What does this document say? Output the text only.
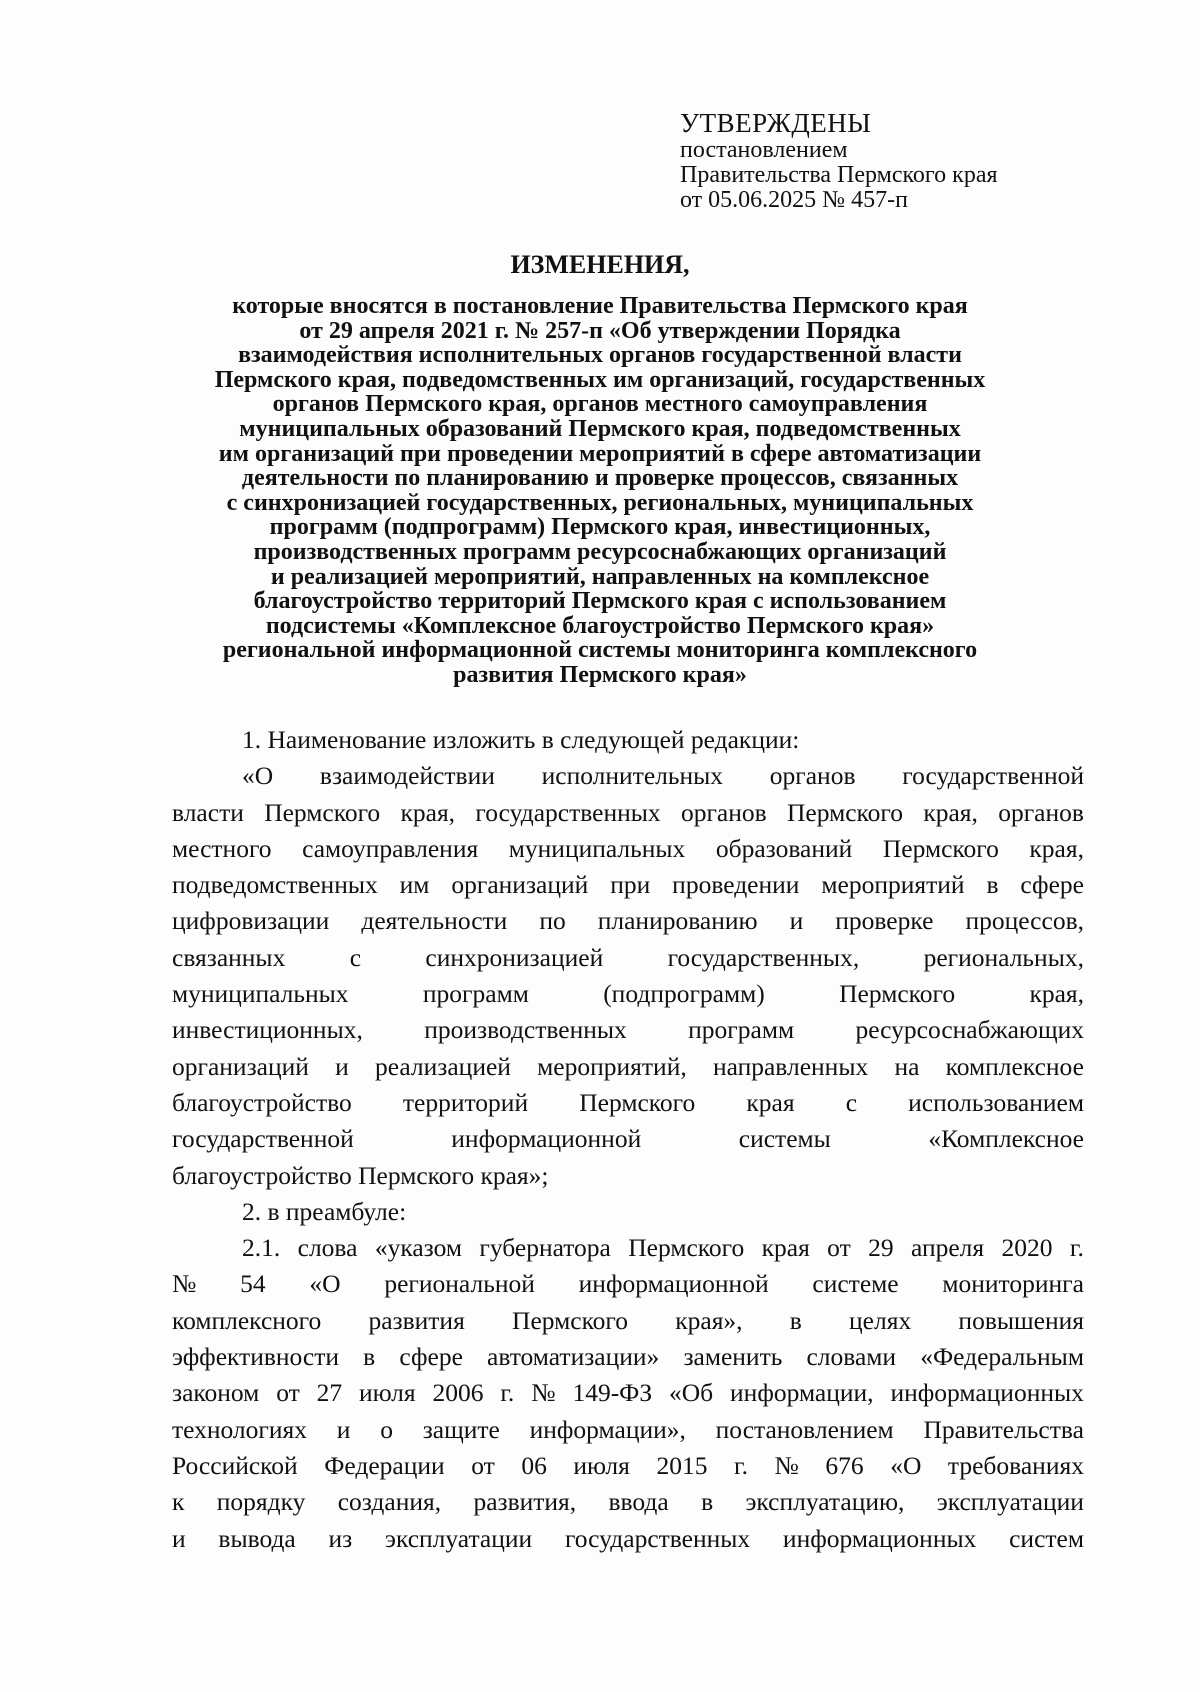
УТВЕРЖДЕНЫ
постановлением
Правительства Пермского края
от 05.06.2025 № 457-п
ИЗМЕНЕНИЯ,
которые вносятся в постановление Правительства Пермского края
от 29 апреля 2021 г. № 257-п «Об утверждении Порядка
взаимодействия исполнительных органов государственной власти
Пермского края, подведомственных им организаций, государственных
органов Пермского края, органов местного самоуправления
муниципальных образований Пермского края, подведомственных
им организаций при проведении мероприятий в сфере автоматизации
деятельности по планированию и проверке процессов, связанных
с синхронизацией государственных, региональных, муниципальных
программ (подпрограмм) Пермского края, инвестиционных,
производственных программ ресурсоснабжающих организаций
и реализацией мероприятий, направленных на комплексное
благоустройство территорий Пермского края с использованием
подсистемы «Комплексное благоустройство Пермского края»
региональной информационной системы мониторинга комплексного
развития Пермского края»
1. Наименование изложить в следующей редакции:
«О взаимодействии исполнительных органов государственной
власти Пермского края, государственных органов Пермского края, органов
местного самоуправления муниципальных образований Пермского края,
подведомственных им организаций при проведении мероприятий в сфере
цифровизации деятельности по планированию и проверке процессов,
связанных	с	синхронизацией	государственных,	региональных,
муниципальных	программ	(подпрограмм)	Пермского	края,
инвестиционных, производственных программ ресурсоснабжающих
организаций и реализацией мероприятий, направленных на комплексное
благоустройство территорий Пермского края с использованием
государственной	информационной	системы	«Комплексное
благоустройство Пермского края»;
2. в преамбуле:
2.1. слова «указом губернатора Пермского края от 29 апреля 2020 г.
№ 54 «О региональной информационной системе мониторинга
комплексного развития Пермского края», в целях повышения
эффективности в сфере автоматизации» заменить словами «Федеральным
законом от 27 июля 2006 г. № 149-ФЗ «Об информации, информационных
технологиях и о защите информации», постановлением Правительства
Российской Федерации от 06 июля 2015 г. № 676 «О требованиях
к порядку создания, развития, ввода в эксплуатацию, эксплуатации
и вывода из эксплуатации государственных информационных систем
